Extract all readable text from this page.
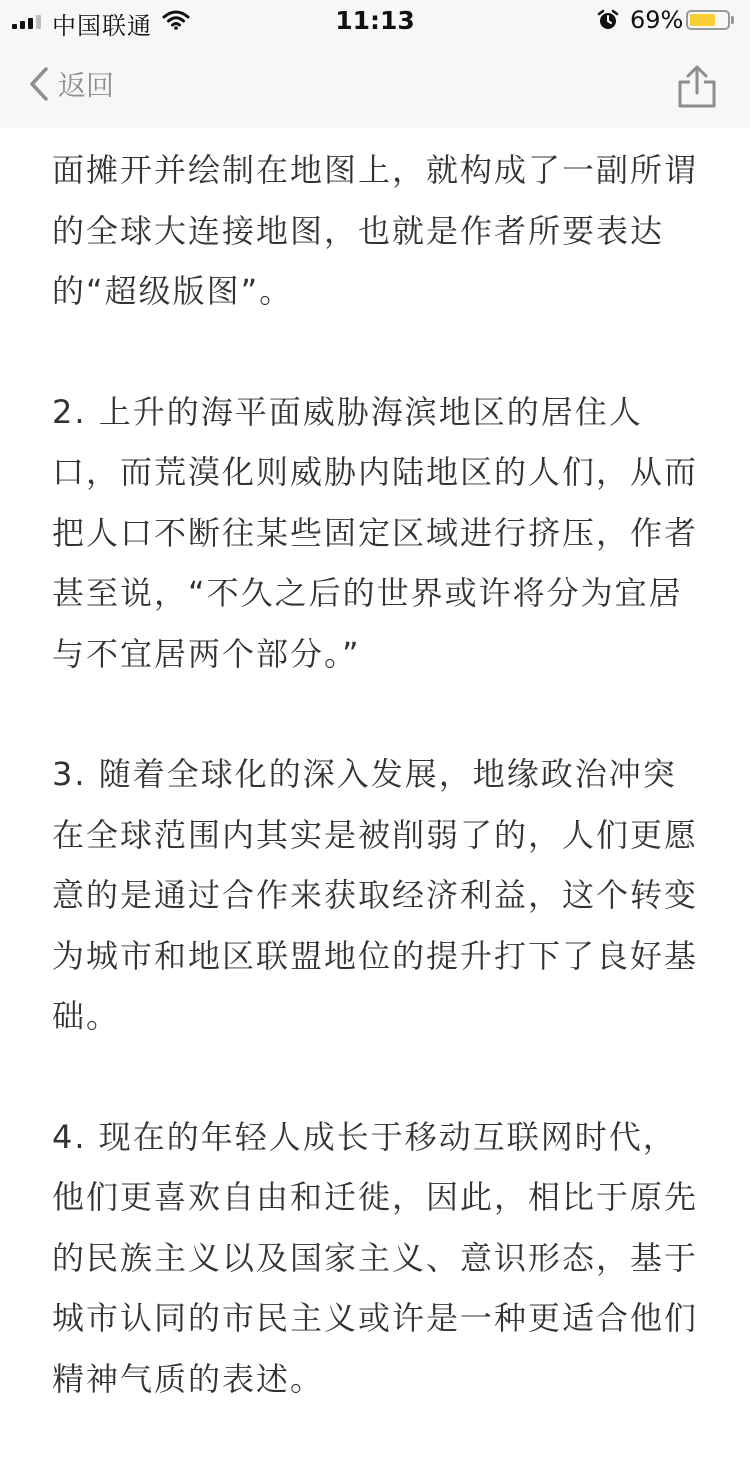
中国联通	11:13	69%
返回

面摊开并绘制在地图上，就构成了一副所谓的全球大连接地图，也就是作者所要表达的“超级版图”。

2. 上升的海平面威胁海滨地区的居住人口，而荒漠化则威胁内陆地区的人们，从而把人口不断往某些固定区域进行挤压，作者甚至说，“不久之后的世界或许将分为宜居与不宜居两个部分。”

3. 随着全球化的深入发展，地缘政治冲突在全球范围内其实是被削弱了的，人们更愿意的是通过合作来获取经济利益，这个转变为城市和地区联盟地位的提升打下了良好基础。

4. 现在的年轻人成长于移动互联网时代，他们更喜欢自由和迁徙，因此，相比于原先的民族主义以及国家主义、意识形态，基于城市认同的市民主义或许是一种更适合他们精神气质的表述。
